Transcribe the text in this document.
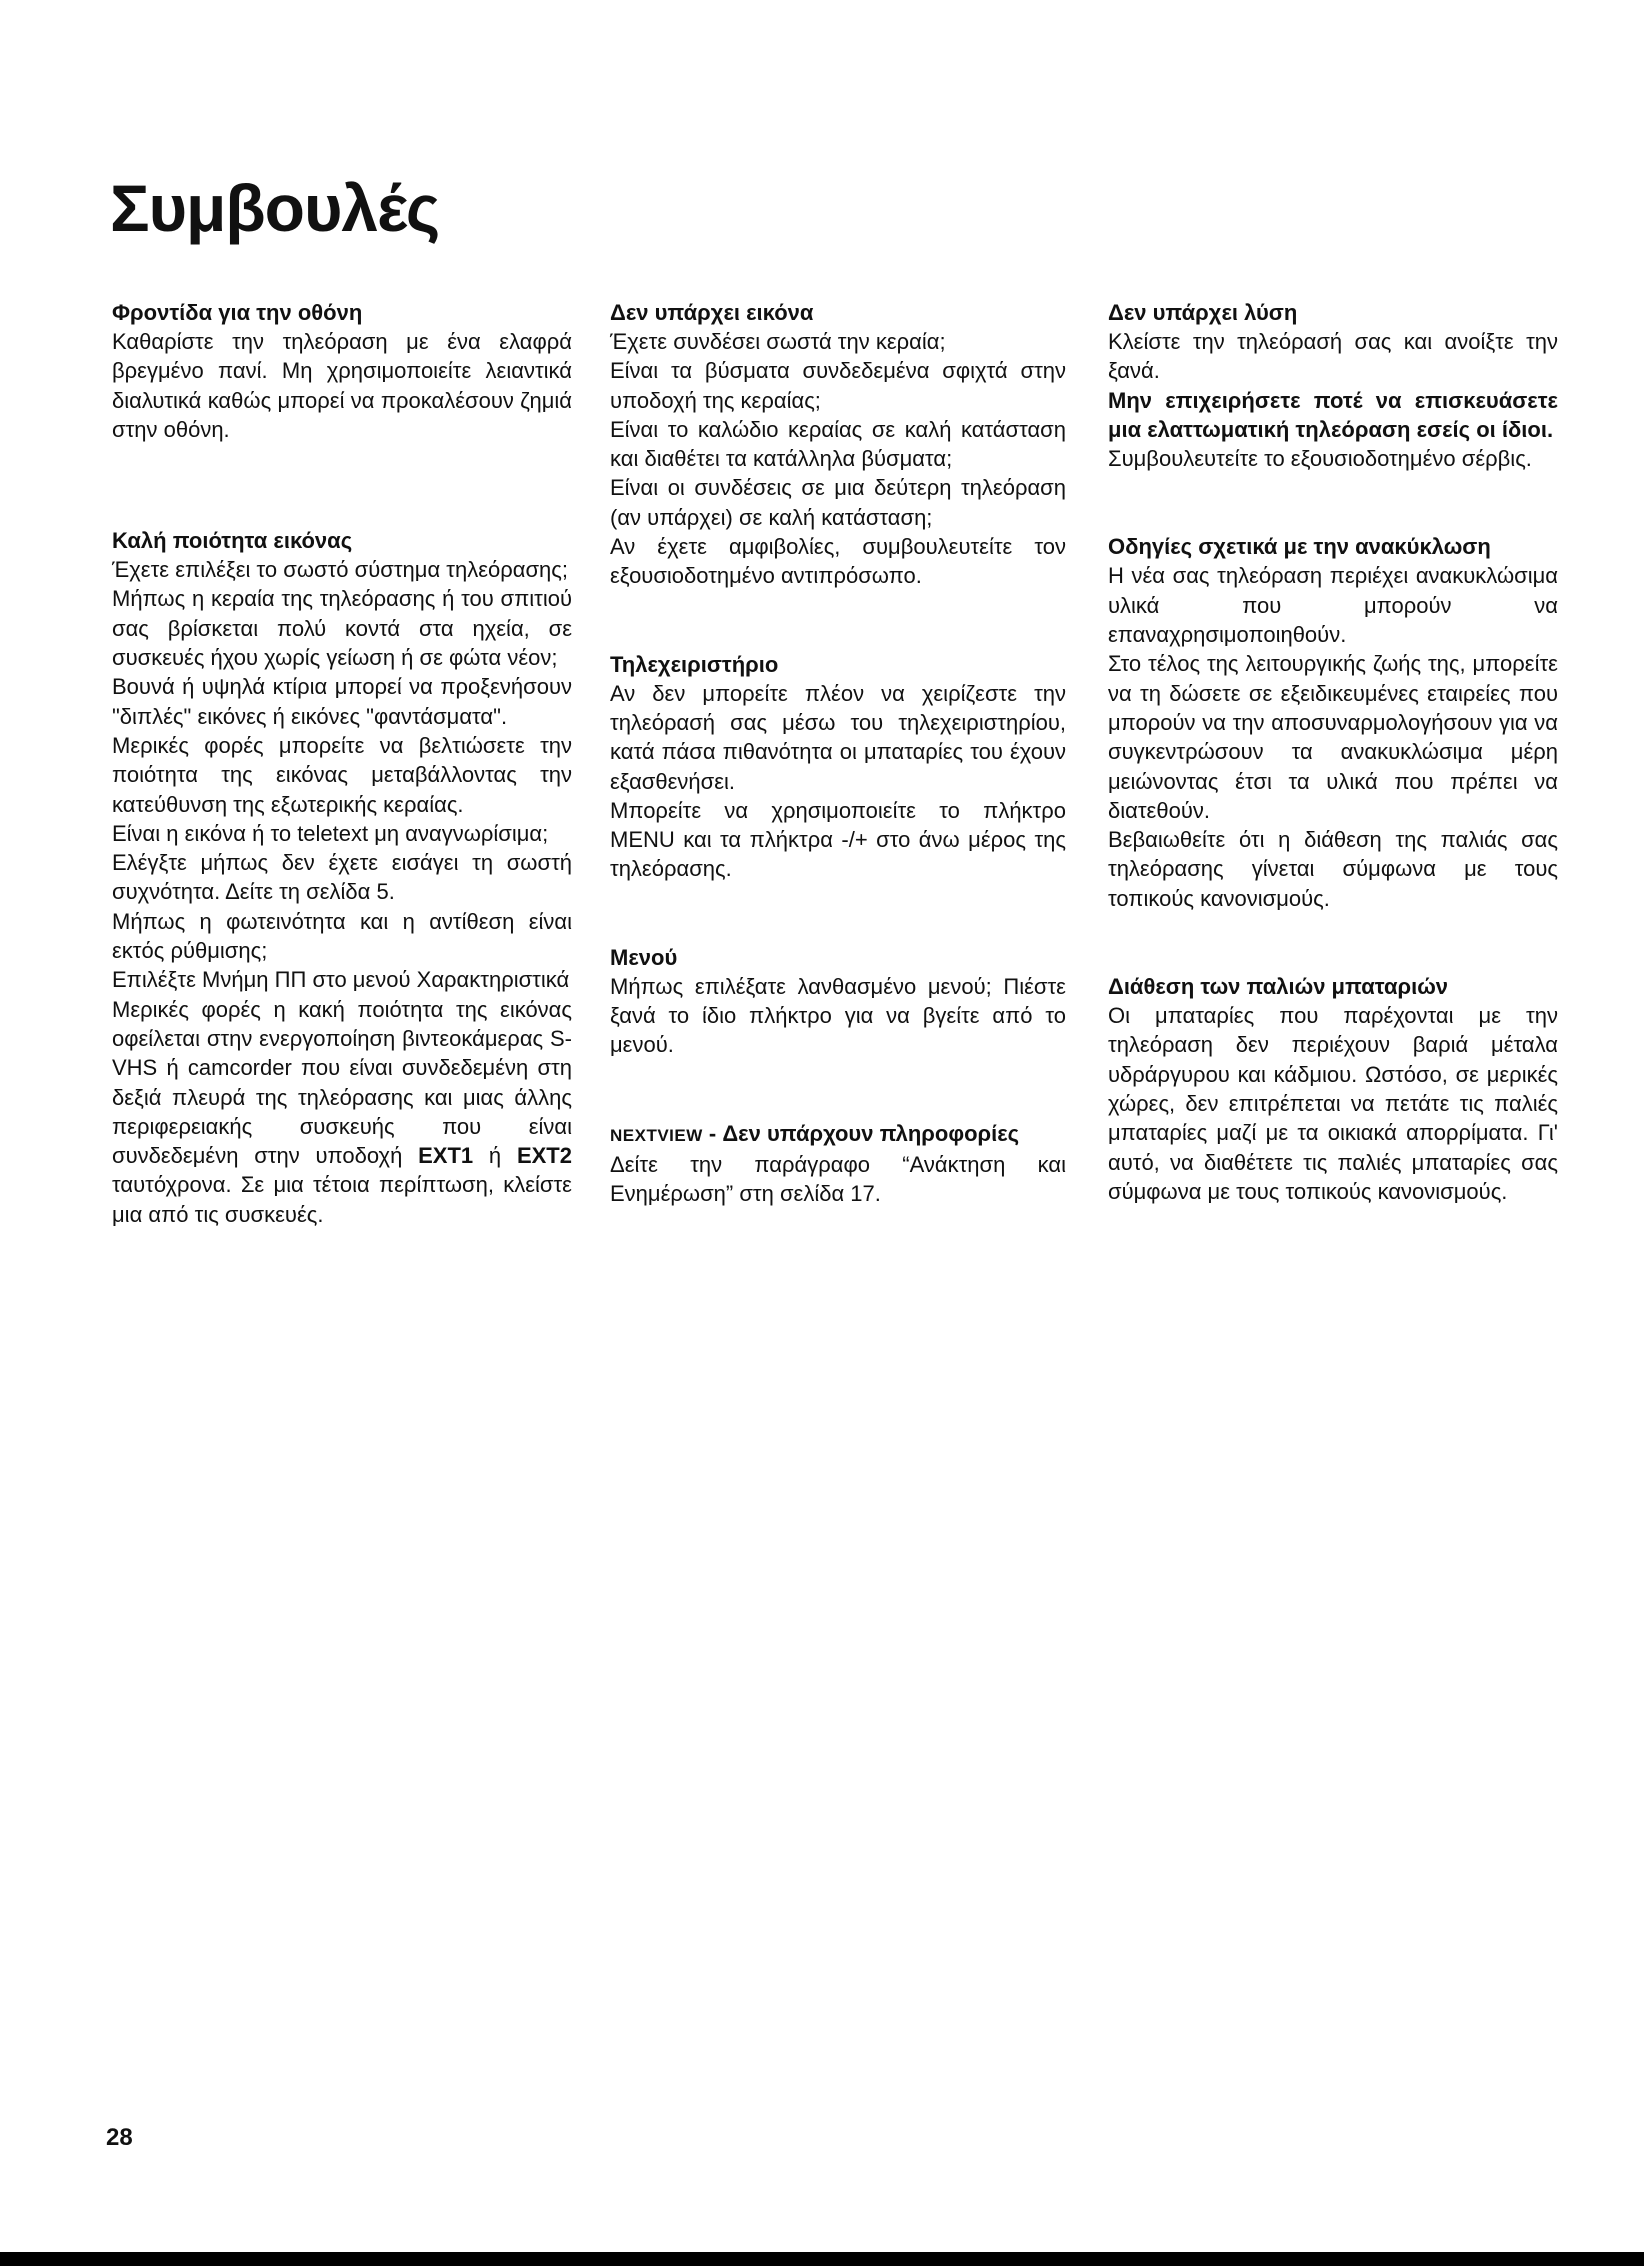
Συμβουλές
Φροντίδα για την οθόνη

Καθαρίστε την τηλεόραση με ένα ελαφρά βρεγμένο πανί. Μη χρησιμοποιείτε λειαντικά διαλυτικά καθώς μπορεί να προκαλέσουν ζημιά στην οθόνη.

Καλή ποιότητα εικόνας

Έχετε επιλέξει το σωστό σύστημα τηλεόρασης;

Μήπως η κεραία της τηλεόρασης ή του σπιτιού σας βρίσκεται πολύ κοντά στα ηχεία, σε συσκευές ήχου χωρίς γείωση ή σε φώτα νέον;

Βουνά ή υψηλά κτίρια μπορεί να προξενήσουν "διπλές" εικόνες ή εικόνες "φαντάσματα".

Μερικές φορές μπορείτε να βελτιώσετε την ποιότητα της εικόνας μεταβάλλοντας την κατεύθυνση της εξωτερικής κεραίας.

Είναι η εικόνα ή το teletext μη αναγνωρίσιμα;

Ελέγξτε μήπως δεν έχετε εισάγει τη σωστή συχνότητα. Δείτε τη σελίδα 5.

Μήπως η φωτεινότητα και η αντίθεση είναι εκτός ρύθμισης;

Επιλέξτε Μνήμη ΠΠ στο μενού Χαρακτηριστικά

Μερικές φορές η κακή ποιότητα της εικόνας οφείλεται στην ενεργοποίηση βιντεοκάμερας S-VHS ή camcorder που είναι συνδεδεμένη στη δεξιά πλευρά της τηλεόρασης και μιας άλλης περιφερειακής συσκευής που είναι συνδεδεμένη στην υποδοχή EXT1 ή EXT2 ταυτόχρονα. Σε μια τέτοια περίπτωση, κλείστε μια από τις συσκευές.

Δεν υπάρχει εικόνα

Έχετε συνδέσει σωστά την κεραία;

Είναι τα βύσματα συνδεδεμένα σφιχτά στην υποδοχή της κεραίας;

Είναι το καλώδιο κεραίας σε καλή κατάσταση και διαθέτει τα κατάλληλα βύσματα;

Είναι οι συνδέσεις σε μια δεύτερη τηλεόραση (αν υπάρχει) σε καλή κατάσταση;

Αν έχετε αμφιβολίες, συμβουλευτείτε τον εξουσιοδοτημένο αντιπρόσωπο.

Τηλεχειριστήριο

Αν δεν μπορείτε πλέον να χειρίζεστε την τηλεόρασή σας μέσω του τηλεχειριστηρίου, κατά πάσα πιθανότητα οι μπαταρίες του έχουν εξασθενήσει.

Μπορείτε να χρησιμοποιείτε το πλήκτρο MENU και τα πλήκτρα -/+ στο άνω μέρος της τηλεόρασης.

Μενού

Μήπως επιλέξατε λανθασμένο μενού; Πιέστε ξανά το ίδιο πλήκτρο για να βγείτε από το μενού.

NEXTVIEW - Δεν υπάρχουν πληροφορίες

Δείτε την παράγραφο “Ανάκτηση και Ενημέρωση” στη σελίδα 17.

Δεν υπάρχει λύση

Κλείστε την τηλεόρασή σας και ανοίξτε την ξανά.

Μην επιχειρήσετε ποτέ να επισκευάσετε μια ελαττωματική τηλεόραση εσείς οι ίδιοι.

Συμβουλευτείτε το εξουσιοδοτημένο σέρβις.

Οδηγίες σχετικά με την ανακύκλωση

Η νέα σας τηλεόραση περιέχει ανακυκλώσιμα υλικά που μπορούν να επαναχρησιμοποιηθούν.

Στο τέλος της λειτουργικής ζωής της, μπορείτε να τη δώσετε σε εξειδικευμένες εταιρείες που μπορούν να την αποσυναρμολογήσουν για να συγκεντρώσουν τα ανακυκλώσιμα μέρη μειώνοντας έτσι τα υλικά που πρέπει να διατεθούν.

Βεβαιωθείτε ότι η διάθεση της παλιάς σας τηλεόρασης γίνεται σύμφωνα με τους τοπικούς κανονισμούς.

Διάθεση των παλιών μπαταριών

Οι μπαταρίες που παρέχονται με την τηλεόραση δεν περιέχουν βαριά μέταλα υδράργυρου και κάδμιου. Ωστόσο, σε μερικές χώρες, δεν επιτρέπεται να πετάτε τις παλιές μπαταρίες μαζί με τα οικιακά απορρίματα. Γι' αυτό, να διαθέτετε τις παλιές μπαταρίες σας σύμφωνα με τους τοπικούς κανονισμούς.

28
